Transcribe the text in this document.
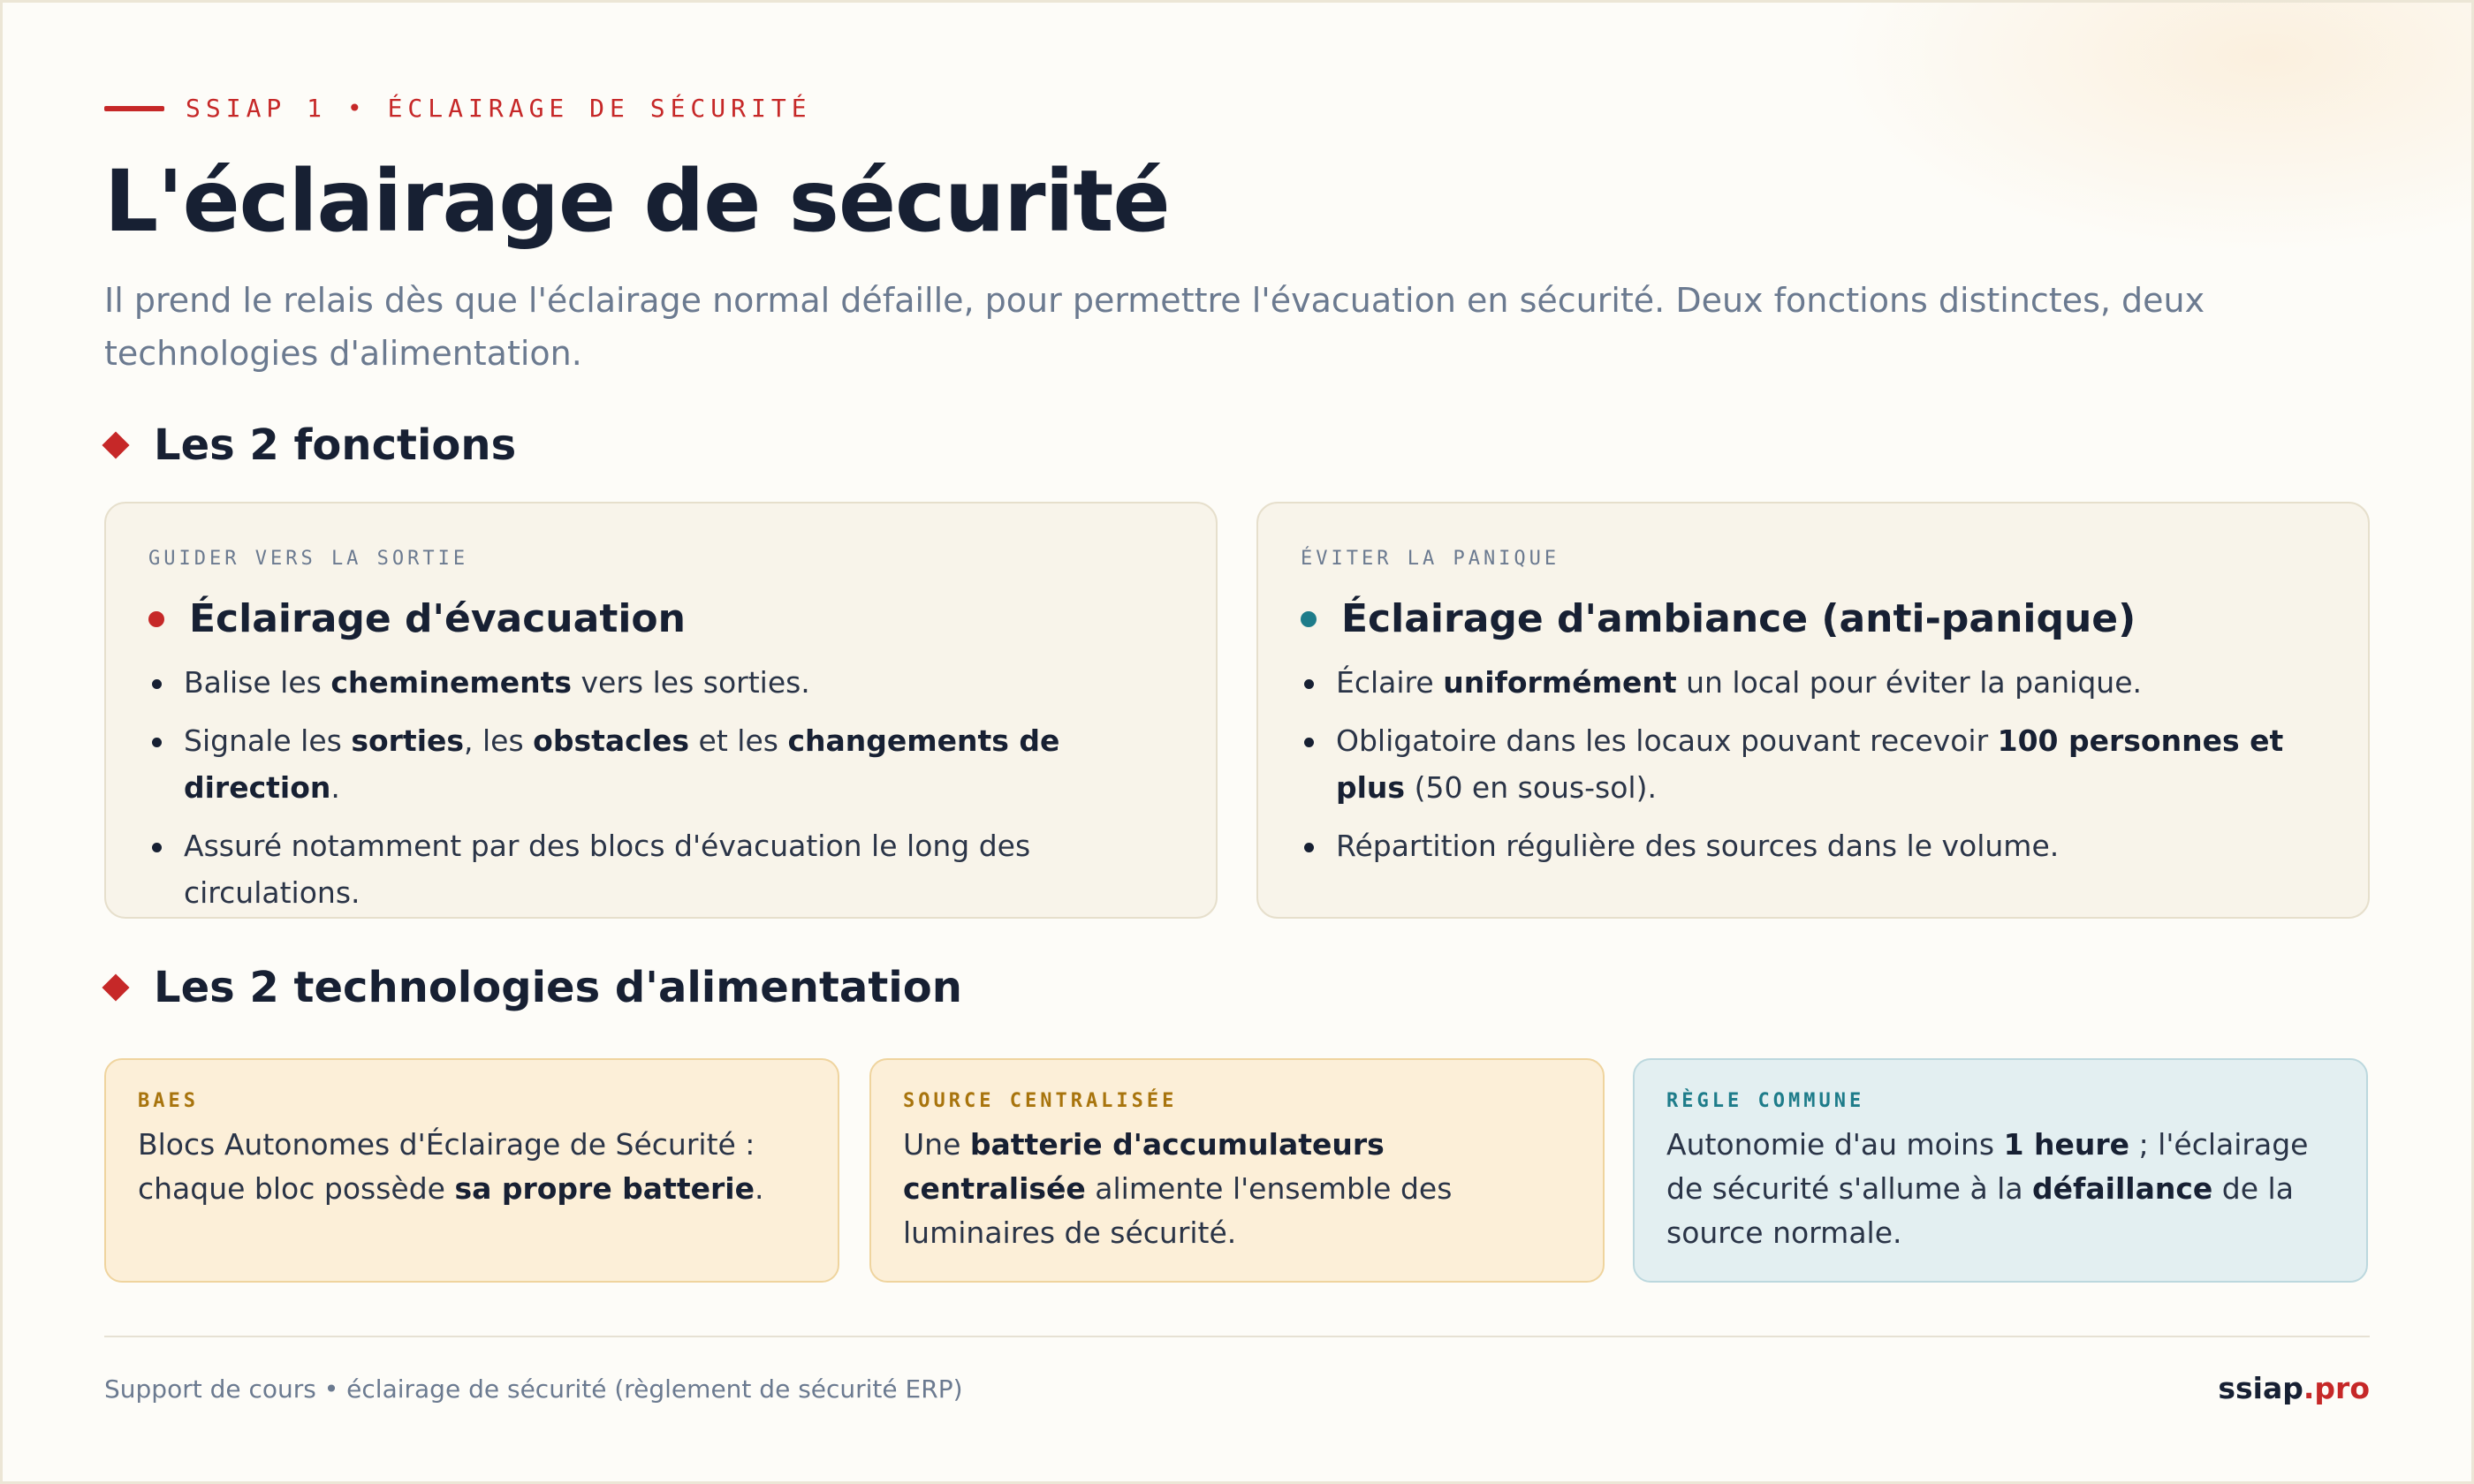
SSIAP 1 • ÉCLAIRAGE DE SÉCURITÉ
L'éclairage de sécurité

Il prend le relais dès que l'éclairage normal défaille, pour permettre l'évacuation en sécurité. Deux fonctions distinctes, deux technologies d'alimentation.

Les 2 fonctions
GUIDER VERS LA SORTIE
Éclairage d'évacuation
Balise les cheminements vers les sorties.
Signale les sorties, les obstacles et les changements de direction.
Assuré notamment par des blocs d'évacuation le long des circulations.
ÉVITER LA PANIQUE
Éclairage d'ambiance (anti-panique)
Éclaire uniformément un local pour éviter la panique.
Obligatoire dans les locaux pouvant recevoir 100 personnes et plus (50 en sous-sol).
Répartition régulière des sources dans le volume.
Les 2 technologies d'alimentation
BAES

Blocs Autonomes d'Éclairage de Sécurité : chaque bloc possède sa propre batterie.

SOURCE CENTRALISÉE

Une batterie d'accumulateurs centralisée alimente l'ensemble des luminaires de sécurité.

RÈGLE COMMUNE

Autonomie d'au moins 1 heure ; l'éclairage de sécurité s'allume à la défaillance de la source normale.

Support de cours • éclairage de sécurité (règlement de sécurité ERP)	ssiap.pro
